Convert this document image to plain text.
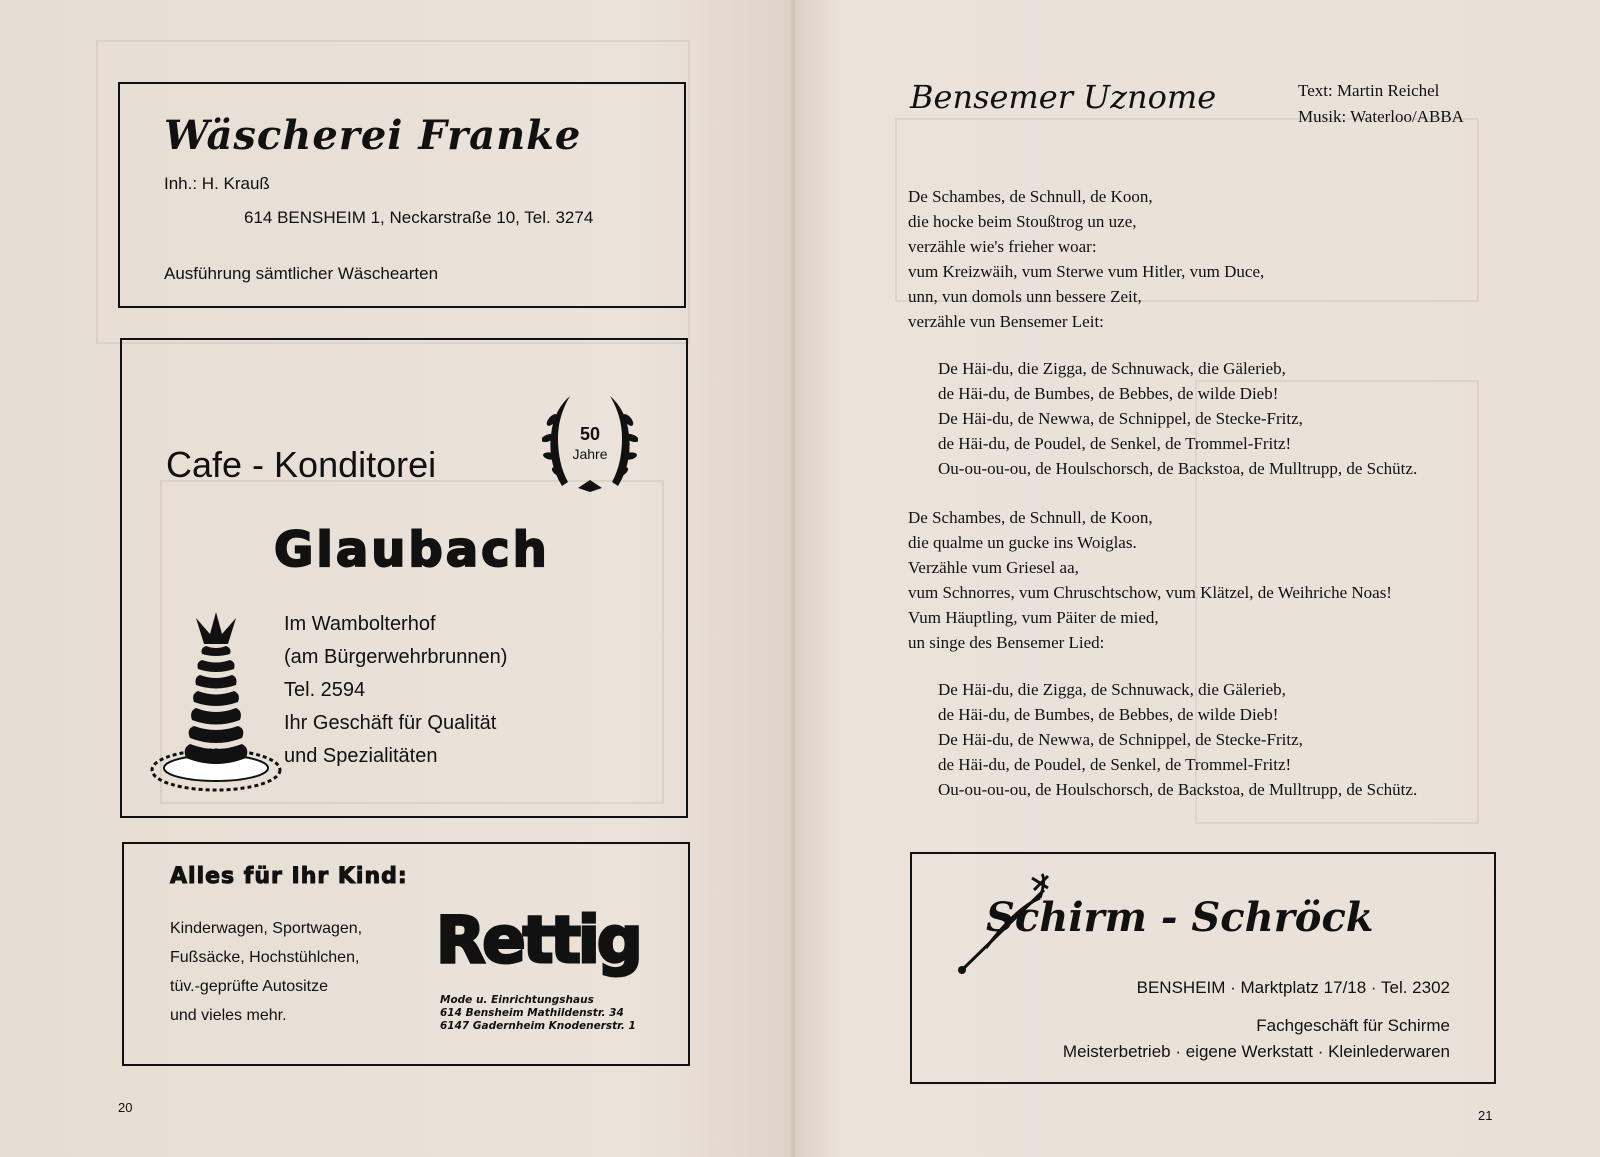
Wäscherei Franke
Inh.: H. Krauß
614 BENSHEIM 1, Neckarstraße 10, Tel. 3274
Ausführung sämtlicher Wäschearten
Cafe - Konditorei
50
Jahre
Glaubach
Im Wambolterhof
(am Bürgerwehrbrunnen)
Tel. 2594
Ihr Geschäft für Qualität
und Spezialitäten
Alles für Ihr Kind:
Kinderwagen, Sportwagen,
Fußsäcke, Hochstühlchen,
tüv.-geprüfte Autositze
und vieles mehr.
Rettig
Mode u. Einrichtungshaus
614 Bensheim Mathildenstr. 34
6147 Gadernheim Knodenerstr. 1
20
Bensemer Uznome	Text: Martin Reichel
Musik: Waterloo/ABBA
De Schambes, de Schnull, de Koon,
die hocke beim Stoußtrog un uze,
verzähle wie's frieher woar:
vum Kreizwäih, vum Sterwe vum Hitler, vum Duce,
unn, vun domols unn bessere Zeit,
verzähle vun Bensemer Leit:
De Häi-du, die Zigga, de Schnuwack, die Gälerieb,
de Häi-du, de Bumbes, de Bebbes, de wilde Dieb!
De Häi-du, de Newwa, de Schnippel, de Stecke-Fritz,
de Häi-du, de Poudel, de Senkel, de Trommel-Fritz!
Ou-ou-ou-ou, de Houlschorsch, de Backstoa, de Mulltrupp, de Schütz.
De Schambes, de Schnull, de Koon,
die qualme un gucke ins Woiglas.
Verzähle vum Griesel aa,
vum Schnorres, vum Chruschtschow, vum Klätzel, de Weihriche Noas!
Vum Häuptling, vum Päiter de mied,
un singe des Bensemer Lied:
De Häi-du, die Zigga, de Schnuwack, die Gälerieb,
de Häi-du, de Bumbes, de Bebbes, de wilde Dieb!
De Häi-du, de Newwa, de Schnippel, de Stecke-Fritz,
de Häi-du, de Poudel, de Senkel, de Trommel-Fritz!
Ou-ou-ou-ou, de Houlschorsch, de Backstoa, de Mulltrupp, de Schütz.
Schirm - Schröck
BENSHEIM · Marktplatz 17/18 · Tel. 2302
Fachgeschäft für Schirme
Meisterbetrieb · eigene Werkstatt · Kleinlederwaren
21
